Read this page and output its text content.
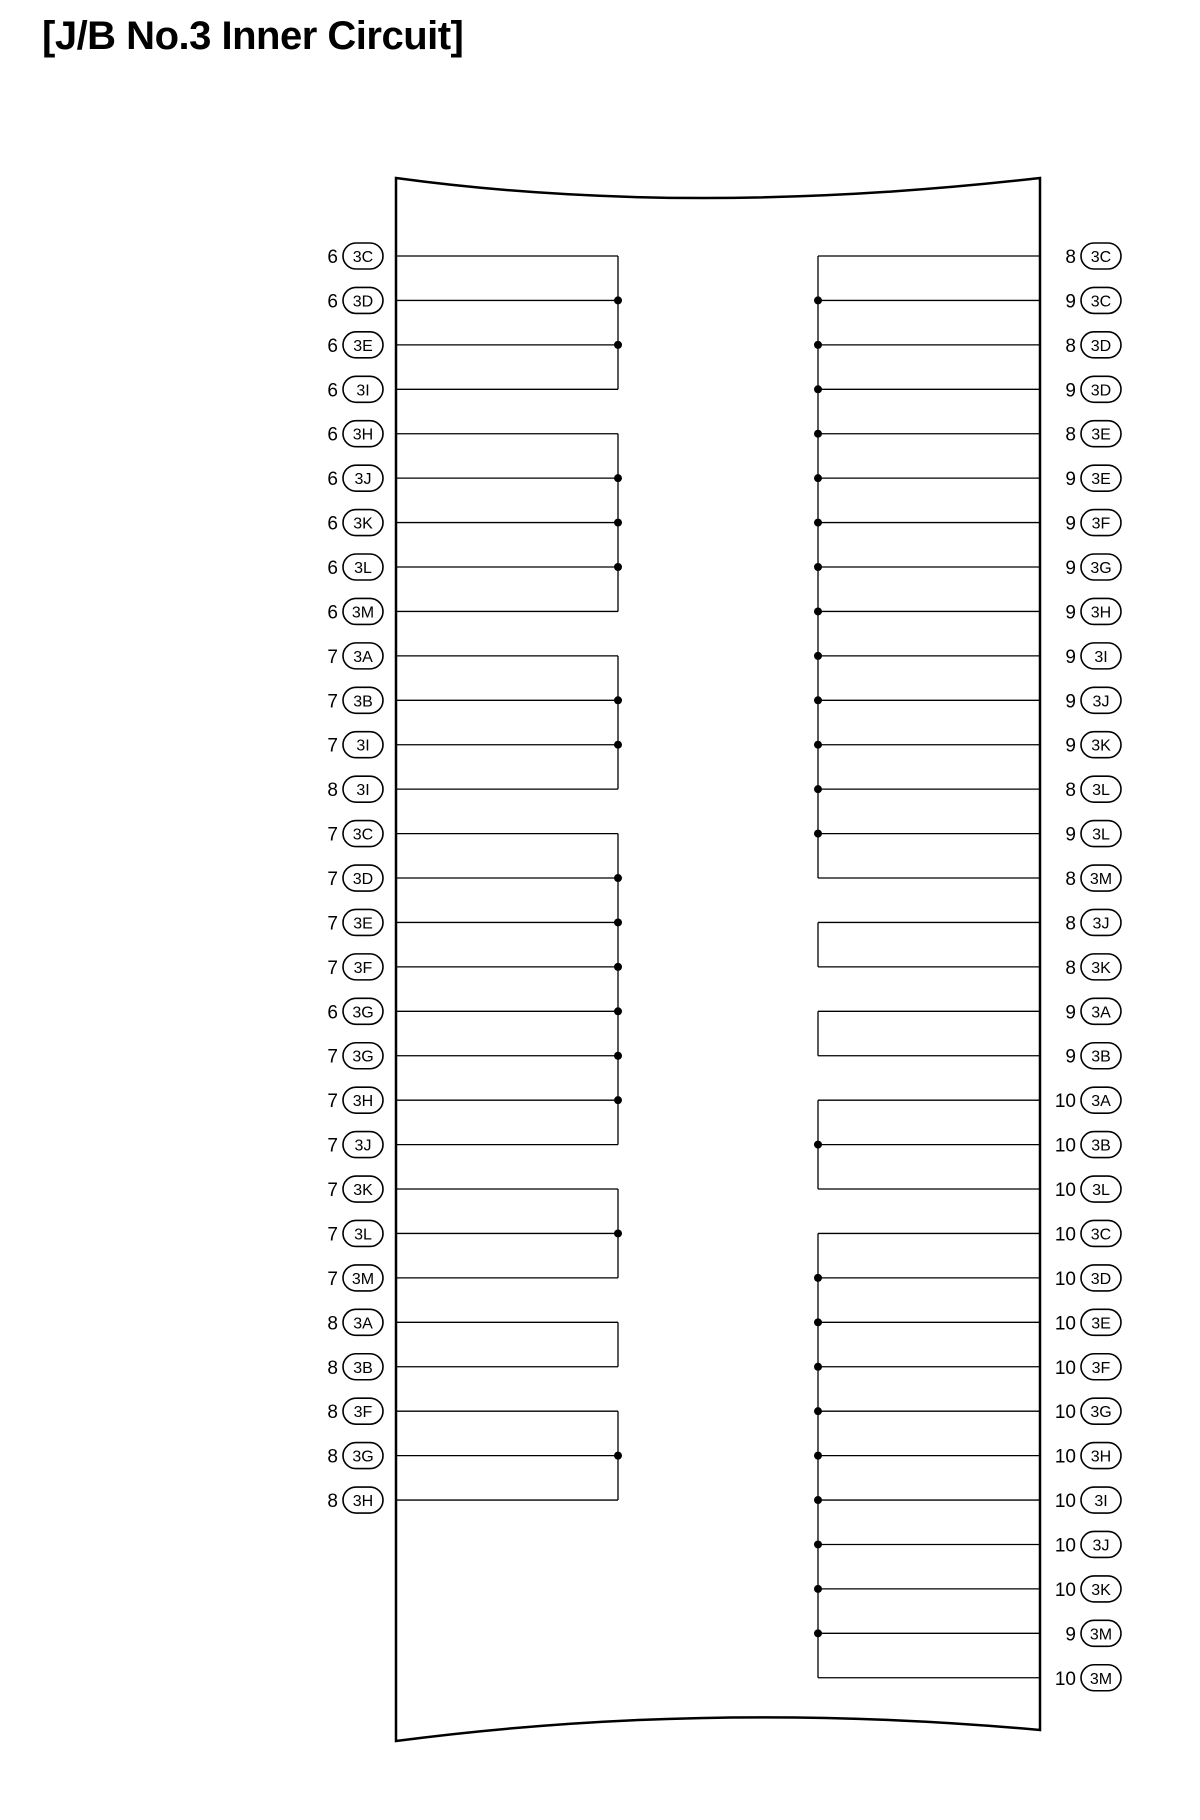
[J/B No.3 Inner Circuit]
6 3C
6 3D
6 3E
6 3I
6 3H
6 3J
6 3K
6 3L
6 3M
7 3A
7 3B
7 3I
8 3I
7 3C
7 3D
7 3E
7 3F
6 3G
7 3G
7 3H
7 3J
7 3K
7 3L
7 3M
8 3A
8 3B
8 3F
8 3G
8 3H
8 3C
9 3C
8 3D
9 3D
8 3E
9 3E
9 3F
9 3G
9 3H
9 3I
9 3J
9 3K
8 3L
9 3L
8 3M
8 3J
8 3K
9 3A
9 3B
10 3A
10 3B
10 3L
10 3C
10 3D
10 3E
10 3F
10 3G
10 3H
10 3I
10 3J
10 3K
9 3M
10 3M
